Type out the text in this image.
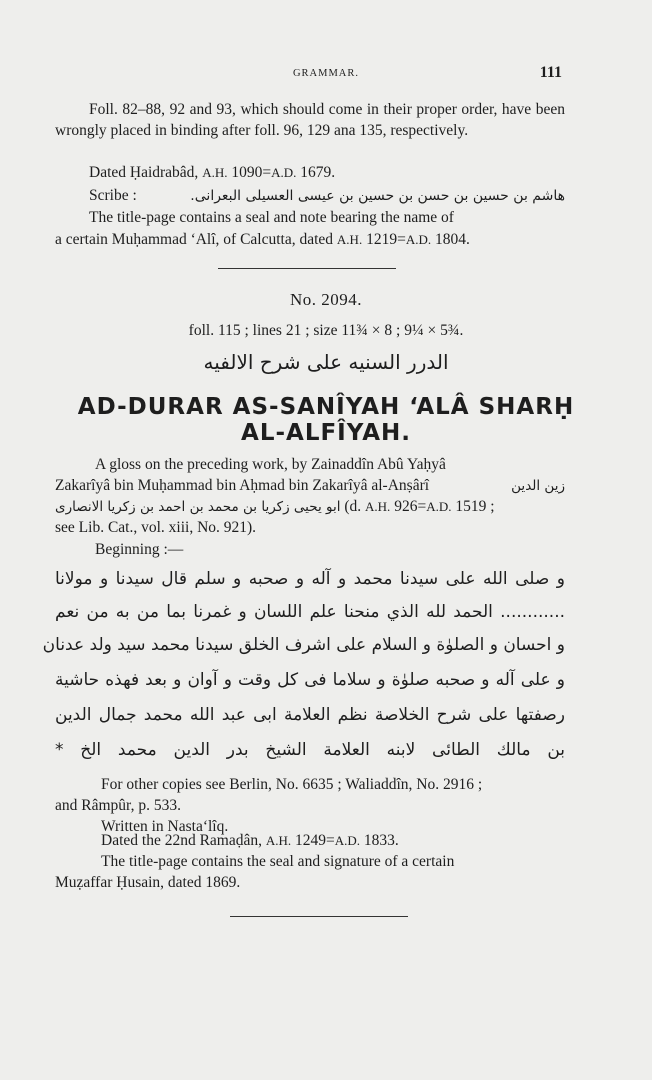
GRAMMAR.	111
Foll. 82–88, 92 and 93, which should come in their proper order, have been wrongly placed in binding after foll. 96, 129 ana 135, respectively.
Dated Ḥaidrabâd, A.H. 1090=A.D. 1679.
Scribe :	هاشم بن حسين بن حسن بن حسين بن عيسى العسيلى البعرانى.
The title-page contains a seal and note bearing the name of
a certain Muḥammad ‘Alî, of Calcutta, dated A.H. 1219=A.D. 1804.
No. 2094.
foll. 115 ; lines 21 ; size 11¾ × 8 ; 9¼ × 5¾.
الدرر السنيه على شرح الالفيه
AD-DURAR AS-SANÎYAH ‘ALÂ SHARḤ
AL-ALFÎYAH.
A gloss on the preceding work, by Zainaddîn Abû Yaḥyâ
Zakarîyâ bin Muḥammad bin Aḥmad bin Zakarîyâ al-Anṣârî	زين الدين
ابو يحيى زكريا بن محمد بن احمد بن زكريا الانصارى (d. A.H. 926=A.D. 1519 ;
see Lib. Cat., vol. xiii, No. 921).
Beginning :—
و صلى الله على سيدنا محمد و آله و صحبه و سلم قال سيدنا و مولانا
............ الحمد لله الذي منحنا علم اللسان و غمرنا بما من به من نعم
و احسان و الصلوٰة و السلام على اشرف الخلق سيدنا محمد سيد ولد عدنان
و على آله و صحبه صلوٰة و سلاما فى كل وقت و آوان و بعد فهذه حاشية
رصفتها على شرح الخلاصة نظم العلامة ابى عبد الله محمد جمال الدين
بن مالك الطائى لابنه العلامة الشيخ بدر الدين محمد الخ *
For other copies see Berlin, No. 6635 ; Waliaddîn, No. 2916 ;
and Râmpûr, p. 533.
Written in Nasta‘lîq.
Dated the 22nd Ramaḍân, A.H. 1249=A.D. 1833.
The title-page contains the seal and signature of a certain
Muẓaffar Ḥusain, dated 1869.
